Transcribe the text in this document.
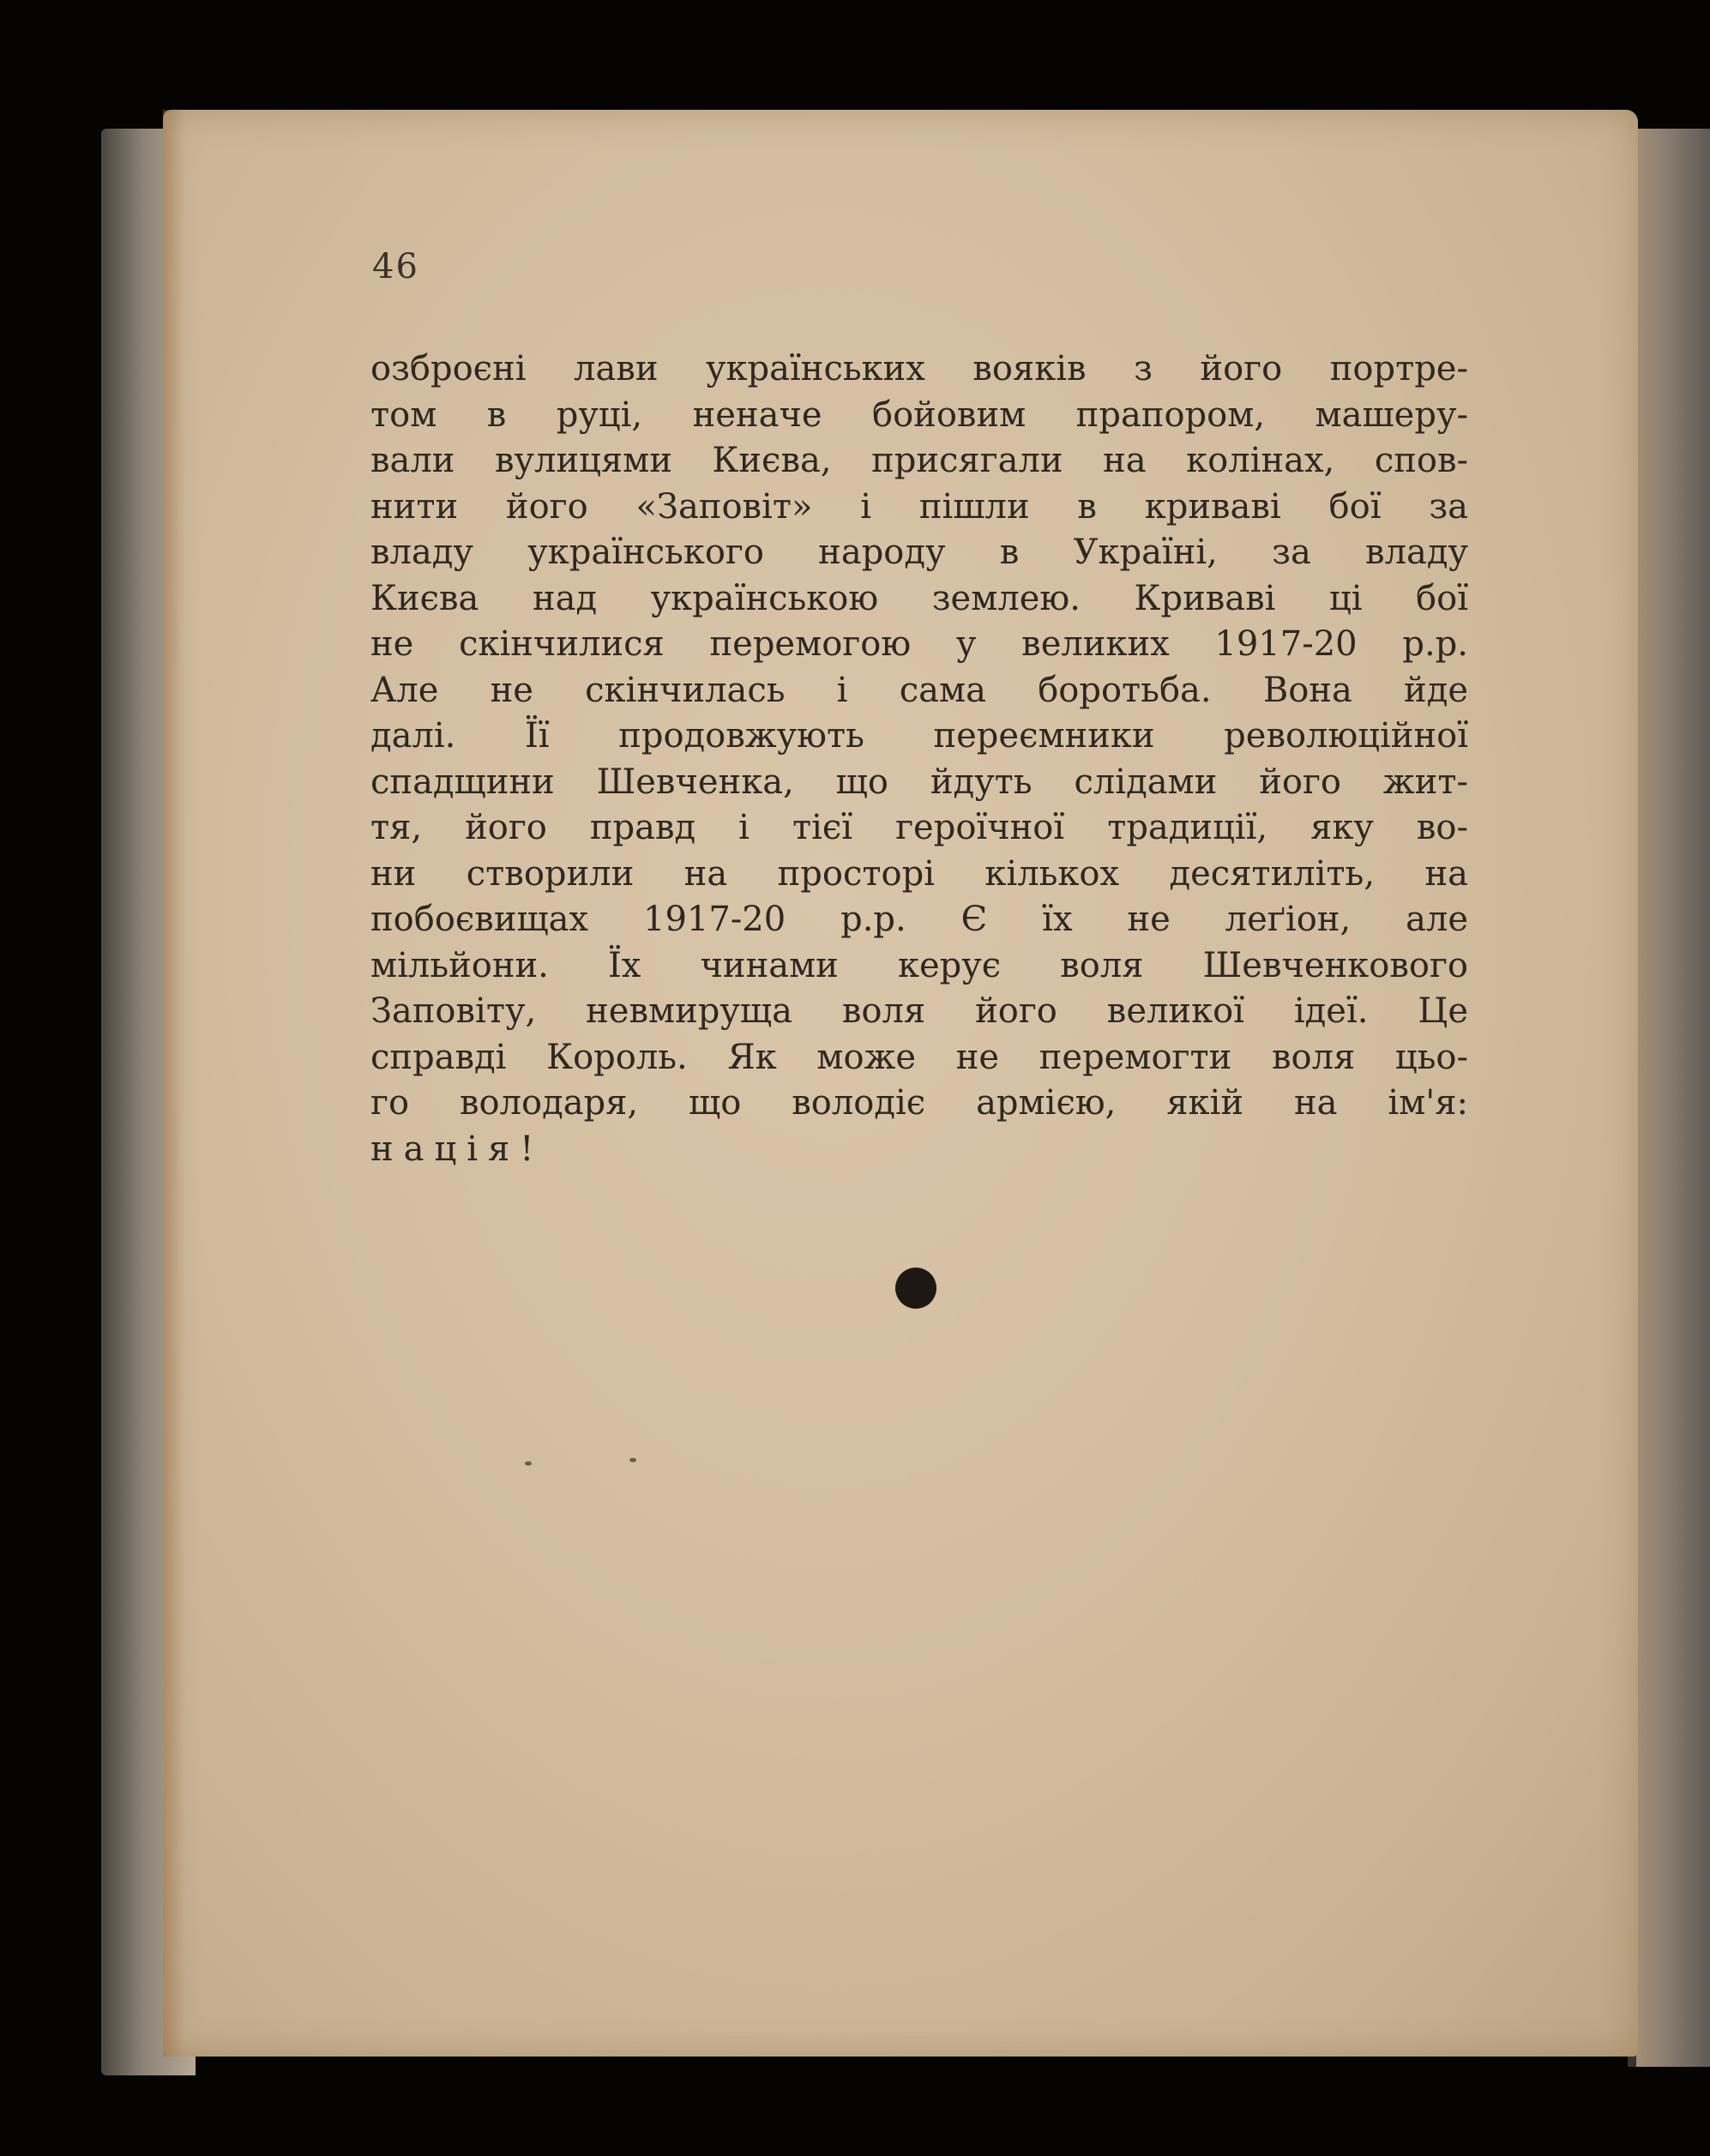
46
озброєні лави українських вояків з його портре-
том в руці, неначе бойовим прапором, машеру-
вали вулицями Києва, присягали на колінах, спов-
нити його «Заповіт» і пішли в криваві бої за
владу українського народу в Україні, за владу
Києва над українською землею. Криваві ці бої
не скінчилися перемогою у великих 1917-20 р.р.
Але не скінчилась і сама боротьба. Вона йде
далі. Її продовжують переємники революційної
спадщини Шевченка, що йдуть слідами його жит-
тя, його правд і тієї героїчної традиції, яку во-
ни створили на просторі кількох десятиліть, на
побоєвищах 1917-20 р.р. Є їх не леґіон, але
мільйони. Їх чинами керує воля Шевченкового
Заповіту, невмируща воля його великої ідеї. Це
справді Король. Як може не перемогти воля цьо-
го володаря, що володіє армією, якій на ім'я:
нація!
